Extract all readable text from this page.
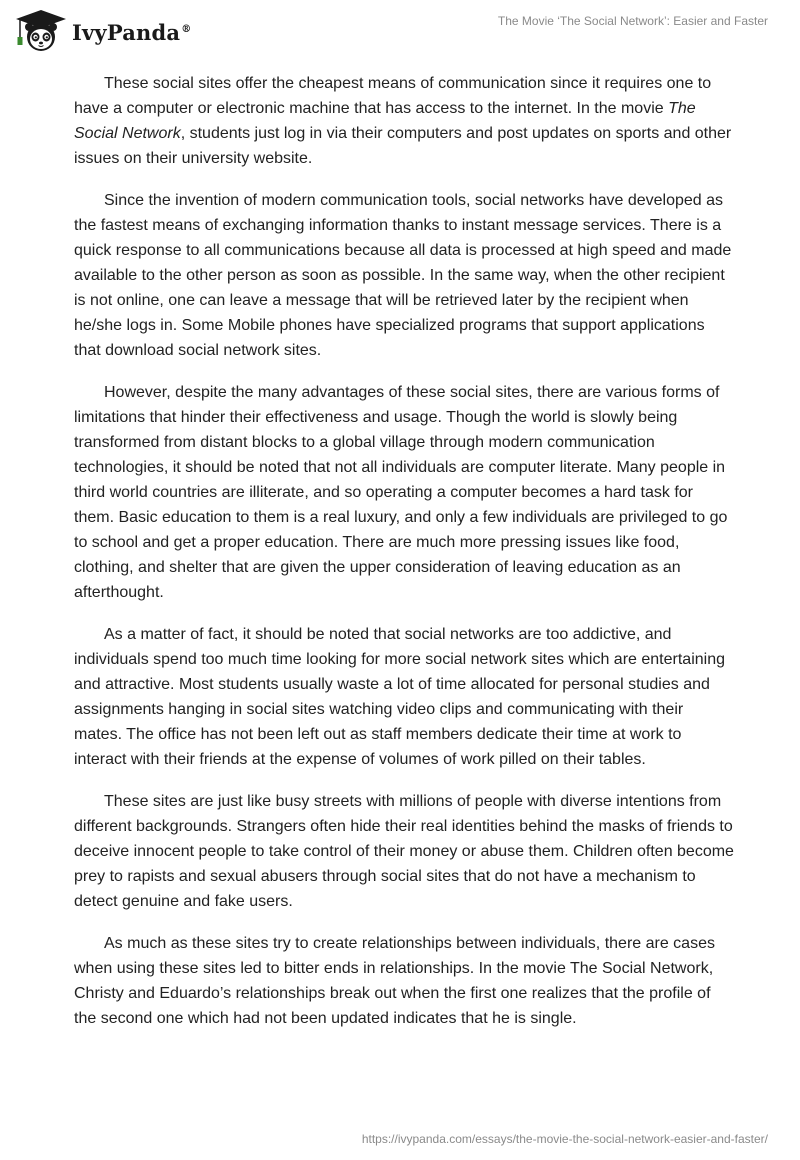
IvyPanda®
The Movie ‘The Social Network’: Easier and Faster

These social sites offer the cheapest means of communication since it requires one to have a computer or electronic machine that has access to the internet. In the movie The Social Network, students just log in via their computers and post updates on sports and other issues on their university website.

Since the invention of modern communication tools, social networks have developed as the fastest means of exchanging information thanks to instant message services. There is a quick response to all communications because all data is processed at high speed and made available to the other person as soon as possible. In the same way, when the other recipient is not online, one can leave a message that will be retrieved later by the recipient when he/she logs in. Some Mobile phones have specialized programs that support applications that download social network sites.

However, despite the many advantages of these social sites, there are various forms of limitations that hinder their effectiveness and usage. Though the world is slowly being transformed from distant blocks to a global village through modern communication technologies, it should be noted that not all individuals are computer literate. Many people in third world countries are illiterate, and so operating a computer becomes a hard task for them. Basic education to them is a real luxury, and only a few individuals are privileged to go to school and get a proper education. There are much more pressing issues like food, clothing, and shelter that are given the upper consideration of leaving education as an afterthought.

As a matter of fact, it should be noted that social networks are too addictive, and individuals spend too much time looking for more social network sites which are entertaining and attractive. Most students usually waste a lot of time allocated for personal studies and assignments hanging in social sites watching video clips and communicating with their mates. The office has not been left out as staff members dedicate their time at work to interact with their friends at the expense of volumes of work pilled on their tables.

These sites are just like busy streets with millions of people with diverse intentions from different backgrounds. Strangers often hide their real identities behind the masks of friends to deceive innocent people to take control of their money or abuse them. Children often become prey to rapists and sexual abusers through social sites that do not have a mechanism to detect genuine and fake users.

As much as these sites try to create relationships between individuals, there are cases when using these sites led to bitter ends in relationships. In the movie The Social Network, Christy and Eduardo’s relationships break out when the first one realizes that the profile of the second one which had not been updated indicates that he is single.

https://ivypanda.com/essays/the-movie-the-social-network-easier-and-faster/
